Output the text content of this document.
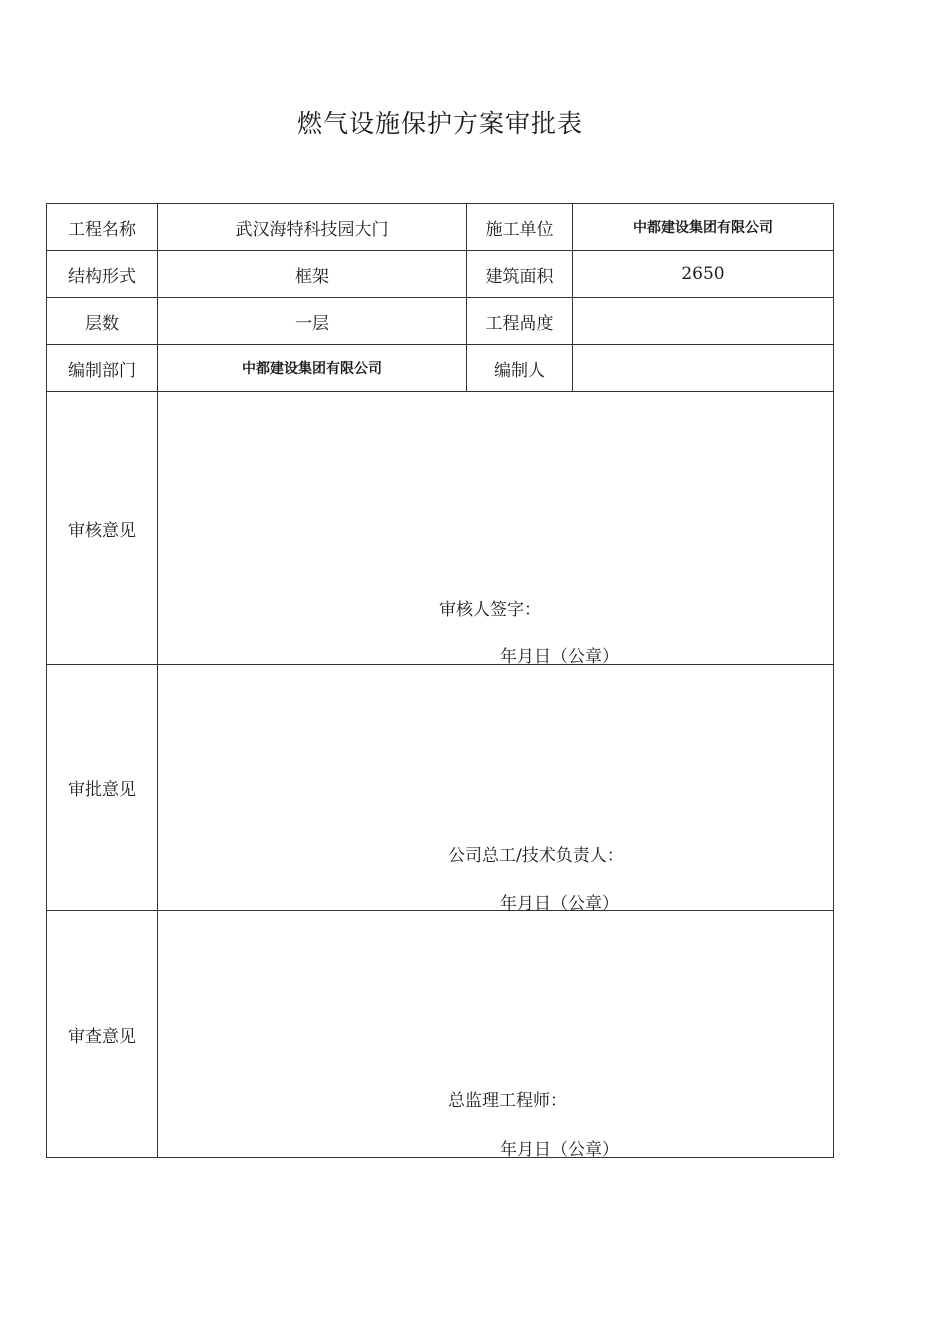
燃气设施保护方案审批表
工程名称	武汉海特科技园大门	施工单位	中都建设集团有限公司
结构形式	框架	建筑面积	2650
层数	一层	工程咼度	
编制部门	中都建设集团有限公司	编制人	
审核意见	审核人签字：
年月日（公章）		

审批意见	公司总工/技术负责人：
年月日（公章）		

审查意见	总监理工程师：
年月日（公章）		
